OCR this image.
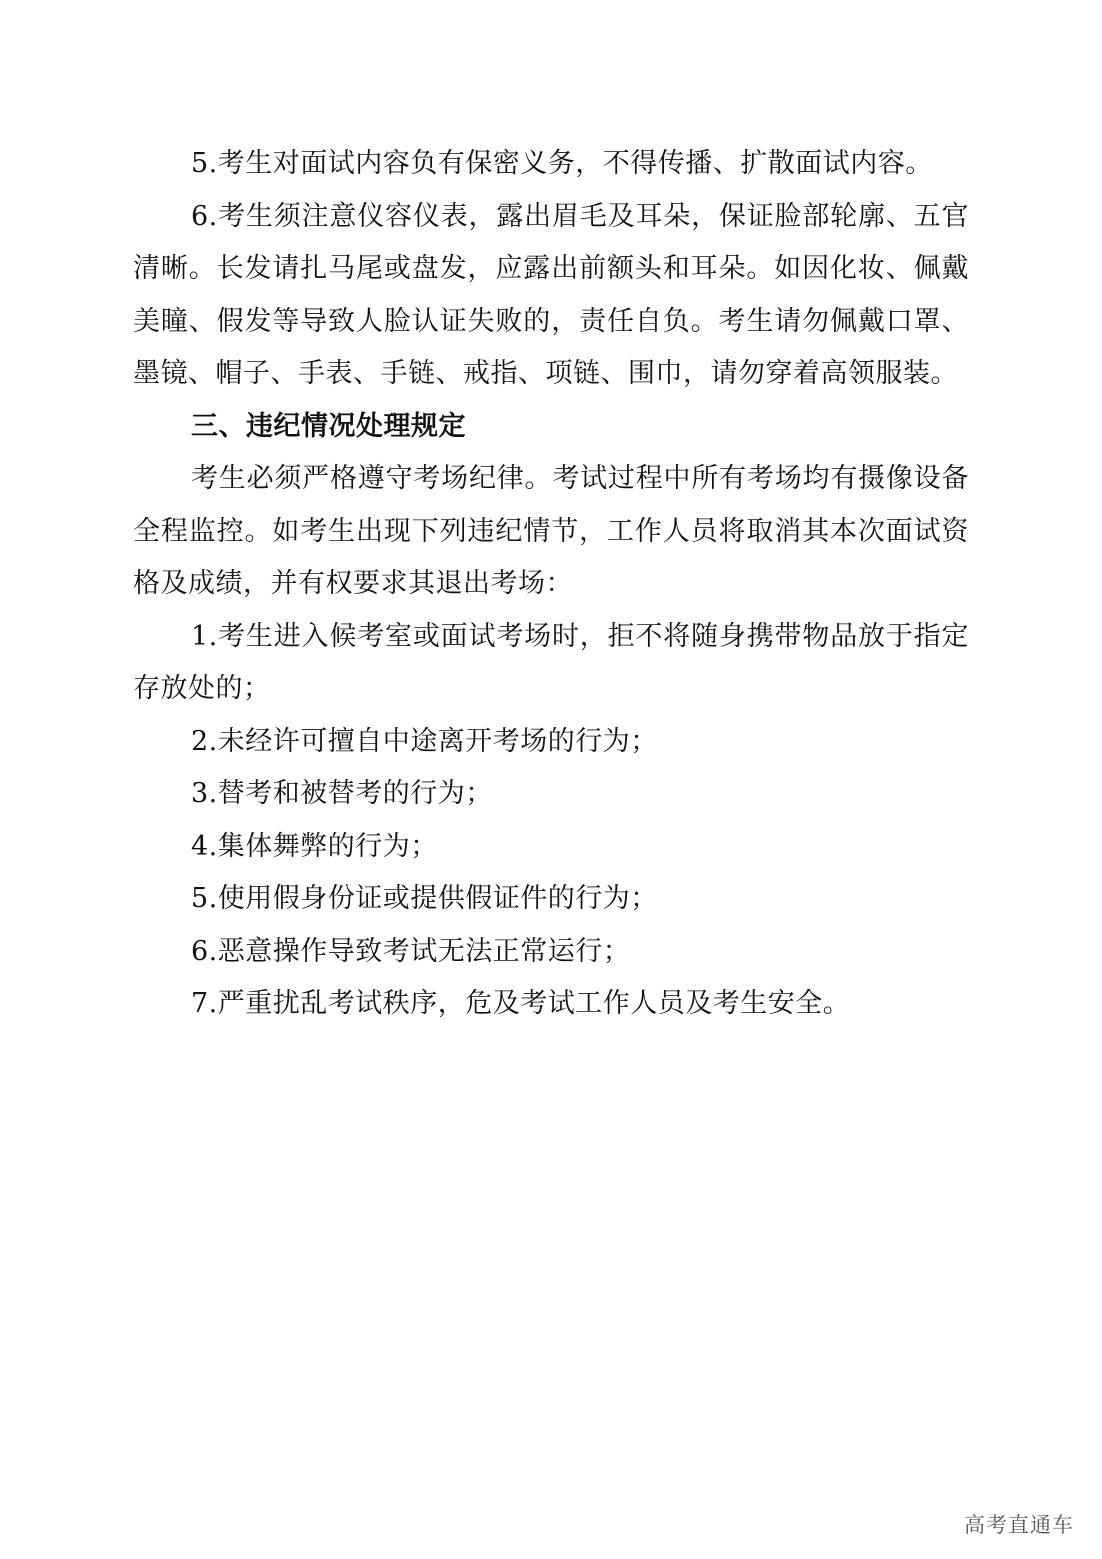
5.考生对面试内容负有保密义务，不得传播、扩散面试内容。

6.考生须注意仪容仪表，露出眉毛及耳朵，保证脸部轮廓、五官清晰。长发请扎马尾或盘发，应露出前额头和耳朵。如因化妆、佩戴美瞳、假发等导致人脸认证失败的，责任自负。考生请勿佩戴口罩、墨镜、帽子、手表、手链、戒指、项链、围巾，请勿穿着高领服装。

三、违纪情况处理规定

考生必须严格遵守考场纪律。考试过程中所有考场均有摄像设备全程监控。如考生出现下列违纪情节，工作人员将取消其本次面试资格及成绩，并有权要求其退出考场：

1.考生进入候考室或面试考场时，拒不将随身携带物品放于指定存放处的；

2.未经许可擅自中途离开考场的行为；

3.替考和被替考的行为；

4.集体舞弊的行为；

5.使用假身份证或提供假证件的行为；

6.恶意操作导致考试无法正常运行；

7.严重扰乱考试秩序，危及考试工作人员及考生安全。

高考直通车
